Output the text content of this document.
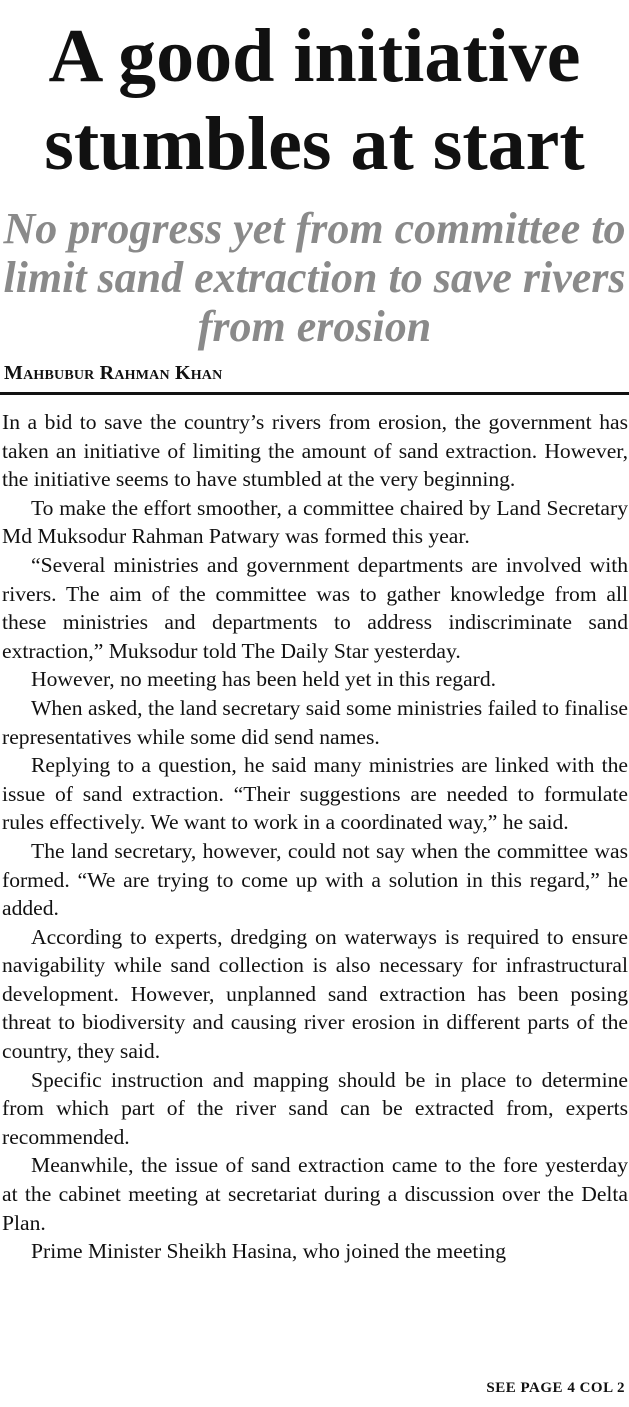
A good initiative stumbles at start
No progress yet from committee to limit sand extraction to save rivers from erosion
Mahbubur Rahman Khan

In a bid to save the country’s rivers from erosion, the government has taken an initiative of limiting the amount of sand extraction. However, the initiative seems to have stumbled at the very beginning.

To make the effort smoother, a committee chaired by Land Secretary Md Muksodur Rahman Patwary was formed this year.

“Several ministries and government departments are involved with rivers. The aim of the committee was to gather knowledge from all these ministries and departments to address indiscriminate sand extraction,” Muksodur told The Daily Star yesterday.

However, no meeting has been held yet in this regard.

When asked, the land secretary said some ministries failed to finalise representatives while some did send names.

Replying to a question, he said many ministries are linked with the issue of sand extraction. “Their suggestions are needed to formulate rules effectively. We want to work in a coordinated way,” he said.

The land secretary, however, could not say when the committee was formed. “We are trying to come up with a solution in this regard,” he added.

According to experts, dredging on waterways is required to ensure navigability while sand collection is also necessary for infrastructural development. However, unplanned sand extraction has been posing threat to biodiversity and causing river erosion in different parts of the country, they said.

Specific instruction and mapping should be in place to determine from which part of the river sand can be extracted from, experts recommended.

Meanwhile, the issue of sand extraction came to the fore yesterday at the cabinet meeting at secretariat during a discussion over the Delta Plan.

Prime Minister Sheikh Hasina, who joined the meeting

SEE PAGE 4 COL 2
